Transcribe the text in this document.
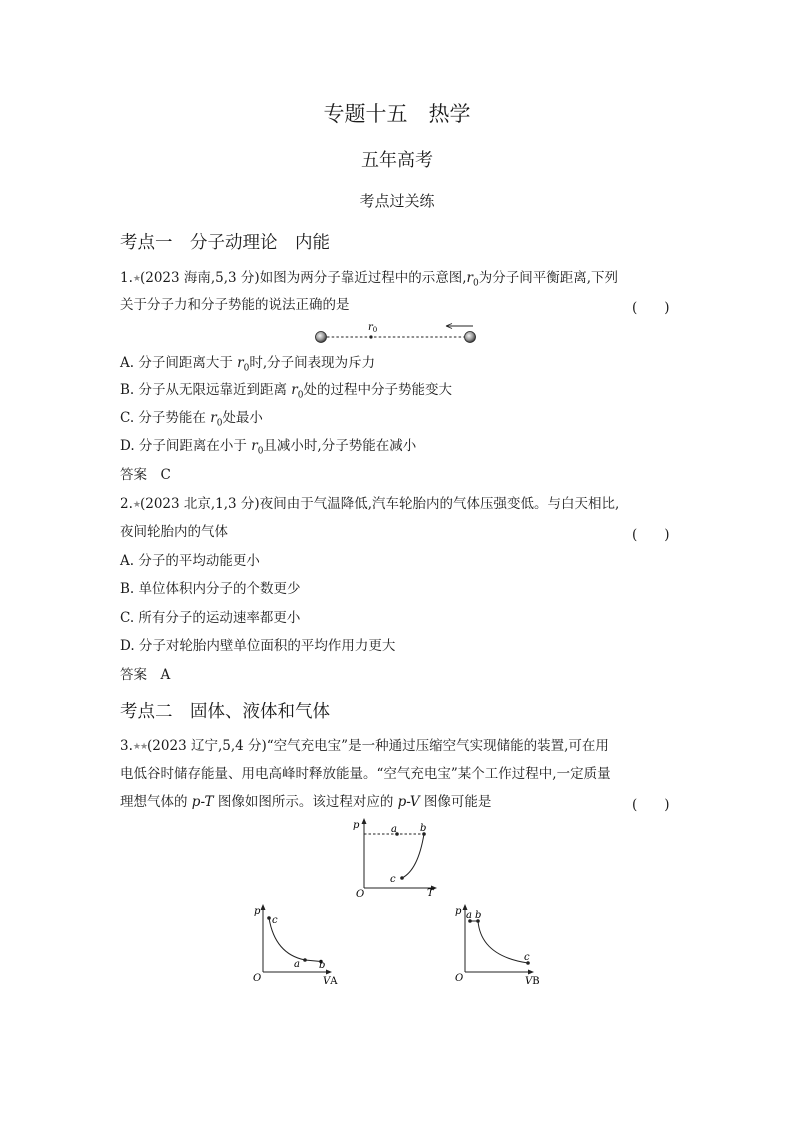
专题十五　热学
五年高考
考点过关练
考点一　分子动理论　内能
1.★(2023 海南,5,3 分)如图为两分子靠近过程中的示意图$,r_0$为分子间平衡距离,下列
关于分子力和分子势能的说法正确的是	(　　)
$r_0$
A. 分子间距离大于 $r_0$时,分子间表现为斥力
B. 分子从无限远靠近到距离 $r_0$处的过程中分子势能变大
C. 分子势能在 $r_0$处最小
D. 分子间距离在小于 $r_0$且减小时,分子势能在减小
答案　C
2.★(2023 北京,1,3 分)夜间由于气温降低,汽车轮胎内的气体压强变低。与白天相比,
夜间轮胎内的气体	(　　)
A. 分子的平均动能更小
B. 单位体积内分子的个数更少
C. 所有分子的运动速率都更小
D. 分子对轮胎内壁单位面积的平均作用力更大
答案　A
考点二　固体、液体和气体
3.★★(2023 辽宁,5,4 分)“空气充电宝”是一种通过压缩空气实现储能的装置,可在用
电低谷时储存能量、用电高峰时释放能量。“空气充电宝”某个工作过程中,一定质量
理想气体的 p-T 图像如图所示。该过程对应的 p-V 图像可能是	(　　)
p
T
O
a b
c
p
c
a b
O	VA
p a b
c
O	VB
